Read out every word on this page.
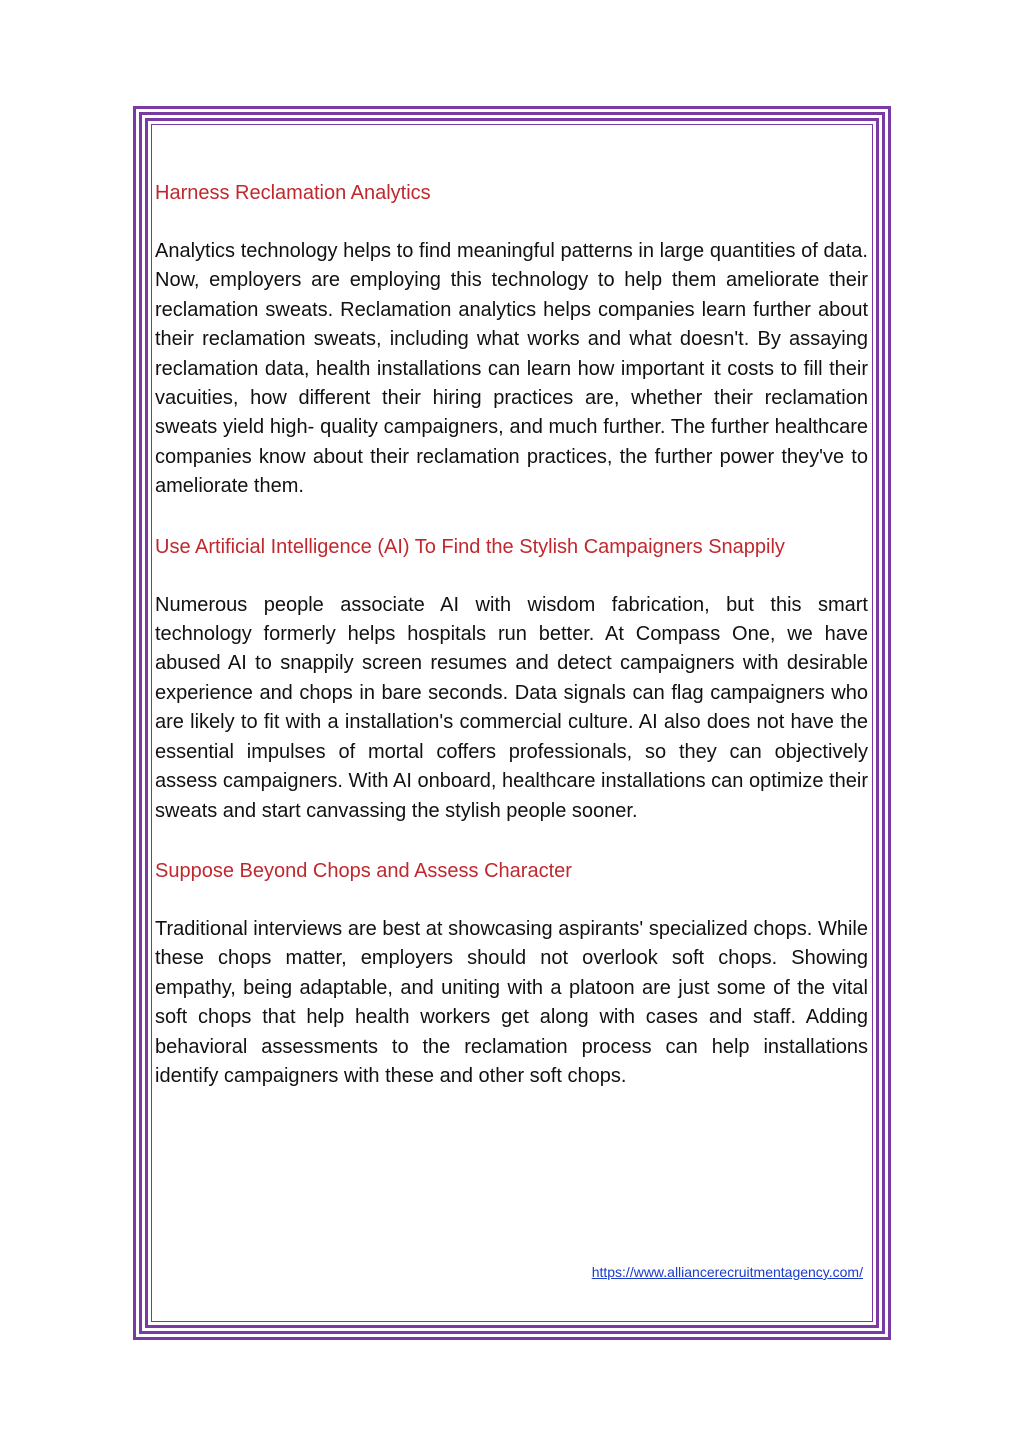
Harness Reclamation Analytics

Analytics technology helps to find meaningful patterns in large quantities of data. Now, employers are employing this technology to help them ameliorate their reclamation sweats. Reclamation analytics helps companies learn further about their reclamation sweats, including what works and what doesn't. By assaying reclamation data, health installations can learn how important it costs to fill their vacuities, how different their hiring practices are, whether their reclamation sweats yield high- quality campaigners, and much further. The further healthcare companies know about their reclamation practices, the further power they've to ameliorate them.

Use Artificial Intelligence (AI) To Find the Stylish Campaigners Snappily

Numerous people associate AI with wisdom fabrication, but this smart technology formerly helps hospitals run better. At Compass One, we have abused AI to snappily screen resumes and detect campaigners with desirable experience and chops in bare seconds. Data signals can flag campaigners who are likely to fit with a installation's commercial culture. AI also does not have the essential impulses of mortal coffers professionals, so they can objectively assess campaigners. With AI onboard, healthcare installations can optimize their sweats and start canvassing the stylish people sooner.

Suppose Beyond Chops and Assess Character

Traditional interviews are best at showcasing aspirants' specialized chops. While these chops matter, employers should not overlook soft chops. Showing empathy, being adaptable, and uniting with a platoon are just some of the vital soft chops that help health workers get along with cases and staff. Adding behavioral assessments to the reclamation process can help installations identify campaigners with these and other soft chops.

https://www.alliancerecruitmentagency.com/
